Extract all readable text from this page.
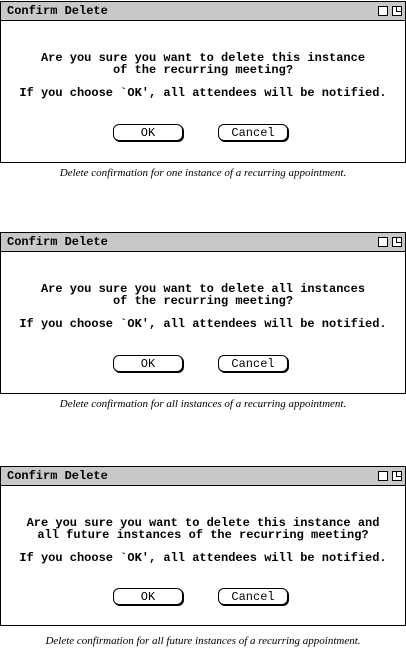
Confirm Delete
Are you sure you want to delete this instance
of the recurring meeting?
If you choose `OK', all attendees will be notified.
OK	Cancel
Delete confirmation for one instance of a recurring appointment.
Confirm Delete
Are you sure you want to delete all instances
of the recurring meeting?
If you choose `OK', all attendees will be notified.
OK	Cancel
Delete confirmation for all instances of a recurring appointment.
Confirm Delete
Are you sure you want to delete this instance and
all future instances of the recurring meeting?
If you choose `OK', all attendees will be notified.
OK	Cancel
Delete confirmation for all future instances of a recurring appointment.
